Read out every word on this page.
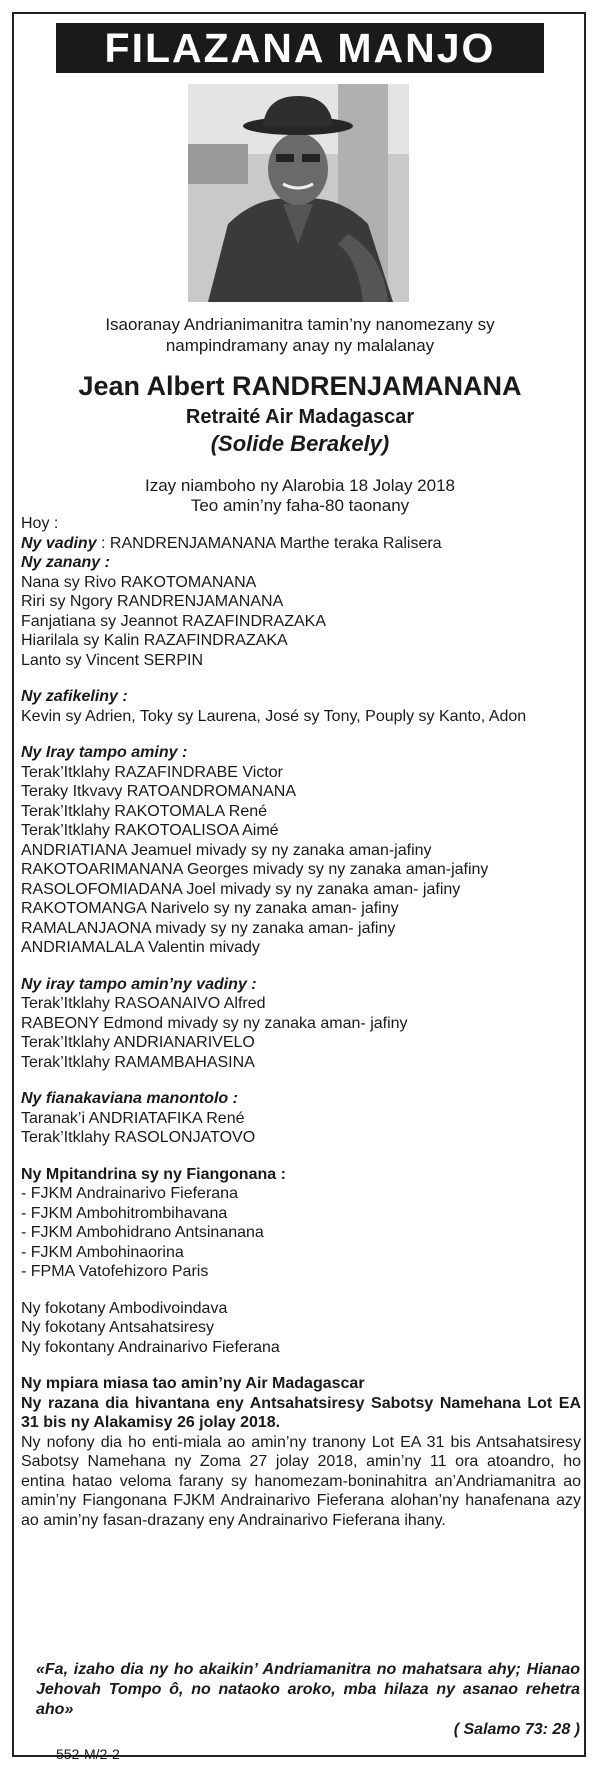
FILAZANA MANJO
Isaoranay Andrianimanitra tamin’ny nanomezany sy
nampindramany anay ny malalanay
Jean Albert RANDRENJAMANANA
Retraité Air Madagascar
(Solide Berakely)
Izay niamboho ny Alarobia 18 Jolay 2018
Teo amin’ny faha-80 taonany

Hoy :

Ny vadiny : RANDRENJAMANANA Marthe teraka Ralisera

Ny zanany :

Nana sy Rivo RAKOTOMANANA

Riri sy Ngory RANDRENJAMANANA

Fanjatiana sy Jeannot RAZAFINDRAZAKA

Hiarilala sy Kalin RAZAFINDRAZAKA

Lanto sy Vincent SERPIN

Ny zafikeliny :

Kevin sy Adrien, Toky sy Laurena, José sy Tony, Pouply sy Kanto, Adon

Ny Iray tampo aminy :

Terak’Itklahy RAZAFINDRABE Victor

Teraky Itkvavy RATOANDROMANANA

Terak’Itklahy RAKOTOMALA René

Terak’Itklahy RAKOTOALISOA Aimé

ANDRIATIANA Jeamuel mivady sy ny zanaka aman-jafiny

RAKOTOARIMANANA Georges mivady sy ny zanaka aman-jafiny

RASOLOFOMIADANA Joel mivady sy ny zanaka aman- jafiny

RAKOTOMANGA Narivelo sy ny zanaka aman- jafiny

RAMALANJAONA mivady sy ny zanaka aman- jafiny

ANDRIAMALALA Valentin mivady

Ny iray tampo amin’ny vadiny :

Terak’Itklahy RASOANAIVO Alfred

RABEONY Edmond mivady sy ny zanaka aman- jafiny

Terak’Itklahy ANDRIANARIVELO

Terak’Itklahy RAMAMBAHASINA

Ny fianakaviana manontolo :

Taranak’i ANDRIATAFIKA René

Terak’Itklahy RASOLONJATOVO

Ny Mpitandrina sy ny Fiangonana :

- FJKM Andrainarivo Fieferana

- FJKM Ambohitrombihavana

- FJKM Ambohidrano Antsinanana

- FJKM Ambohinaorina

- FPMA Vatofehizoro Paris

Ny fokotany Ambodivoindava

Ny fokotany Antsahatsiresy

Ny fokontany Andrainarivo Fieferana

Ny mpiara miasa tao amin’ny Air Madagascar

Ny razana dia hivantana eny Antsahatsiresy Sabotsy Namehana Lot EA 31 bis ny Alakamisy 26 jolay 2018.

Ny nofony dia ho enti-miala ao amin’ny tranony Lot EA 31 bis Antsahatsiresy Sabotsy Namehana ny Zoma 27 jolay 2018, amin’ny 11 ora atoandro, ho entina hatao veloma farany sy hanomezam-boninahitra an’Andriamanitra ao amin’ny Fiangonana FJKM Andrainarivo Fieferana alohan’ny hanafenana azy ao amin’ny fasan-drazany eny Andrainarivo Fieferana ihany.

«Fa, izaho dia ny ho akaikin’ Andriamanitra no mahatsara ahy; Hianao Jehovah Tompo ô, no nataoko aroko, mba hilaza ny asanao rehetra aho»
( Salamo 73: 28 )
552-M/2-2
